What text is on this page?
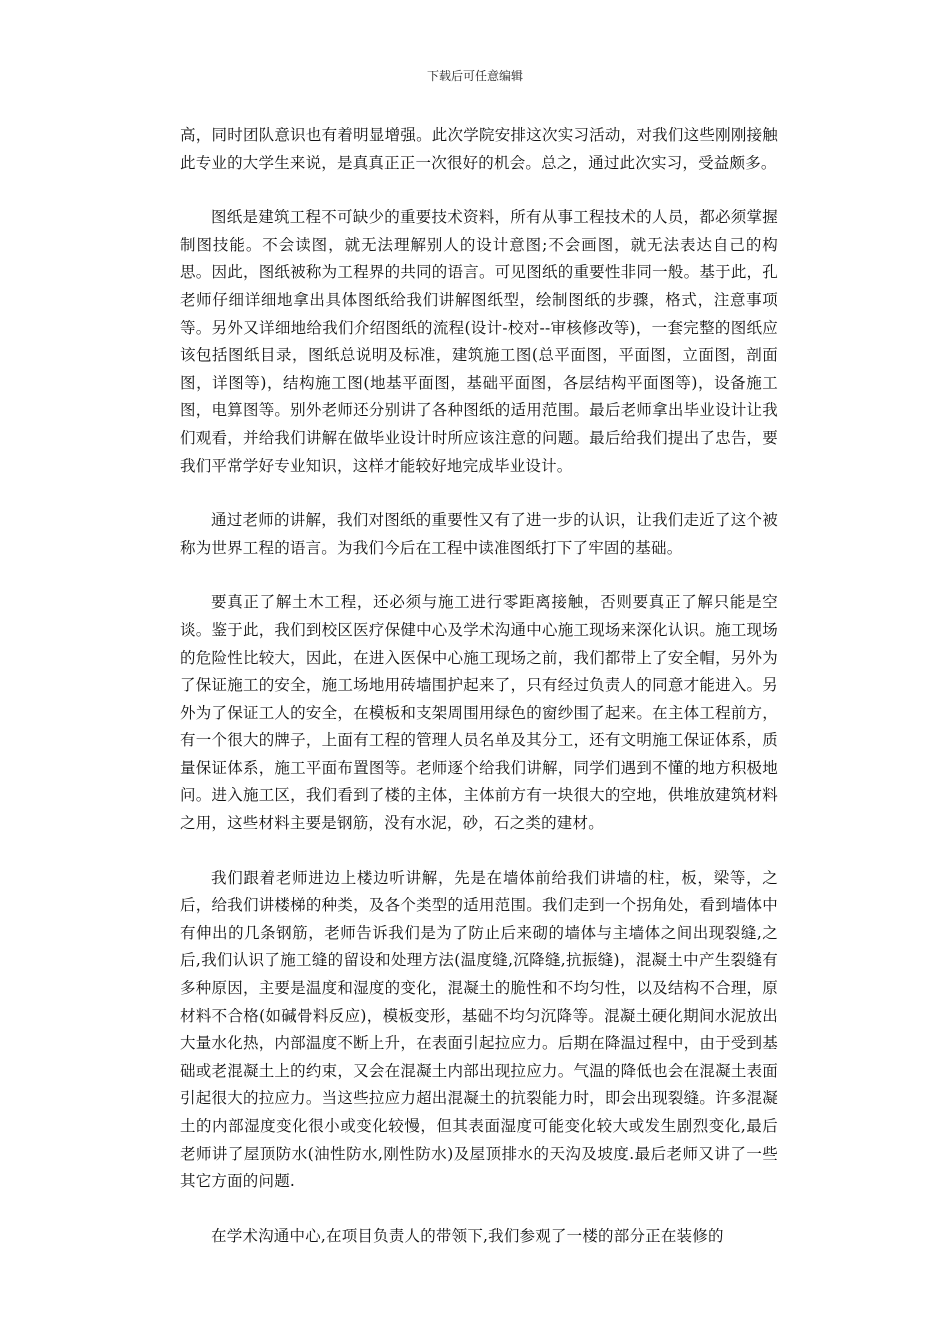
下载后可任意编辑

高，同时团队意识也有着明显增强。此次学院安排这次实习活动，对我们这些刚刚接触此专业的大学生来说，是真真正正一次很好的机会。总之，通过此次实习，受益颇多。

图纸是建筑工程不可缺少的重要技术资料，所有从事工程技术的人员，都必须掌握制图技能。不会读图，就无法理解别人的设计意图;不会画图，就无法表达自己的构思。因此，图纸被称为工程界的共同的语言。可见图纸的重要性非同一般。基于此，孔老师仔细详细地拿出具体图纸给我们讲解图纸型，绘制图纸的步骤，格式，注意事项等。另外又详细地给我们介绍图纸的流程(设计-校对--审核修改等)，一套完整的图纸应该包括图纸目录，图纸总说明及标准，建筑施工图(总平面图，平面图，立面图，剖面图，详图等)，结构施工图(地基平面图，基础平面图，各层结构平面图等)，设备施工图，电算图等。别外老师还分别讲了各种图纸的适用范围。最后老师拿出毕业设计让我们观看，并给我们讲解在做毕业设计时所应该注意的问题。最后给我们提出了忠告，要我们平常学好专业知识，这样才能较好地完成毕业设计。

通过老师的讲解，我们对图纸的重要性又有了进一步的认识，让我们走近了这个被称为世界工程的语言。为我们今后在工程中读准图纸打下了牢固的基础。

要真正了解土木工程，还必须与施工进行零距离接触，否则要真正了解只能是空谈。鉴于此，我们到校区医疗保健中心及学术沟通中心施工现场来深化认识。施工现场的危险性比较大，因此，在进入医保中心施工现场之前，我们都带上了安全帽，另外为了保证施工的安全，施工场地用砖墙围护起来了，只有经过负责人的同意才能进入。另外为了保证工人的安全，在模板和支架周围用绿色的窗纱围了起来。在主体工程前方，有一个很大的牌子，上面有工程的管理人员名单及其分工，还有文明施工保证体系，质量保证体系，施工平面布置图等。老师逐个给我们讲解，同学们遇到不懂的地方积极地问。进入施工区，我们看到了楼的主体，主体前方有一块很大的空地，供堆放建筑材料之用，这些材料主要是钢筋，没有水泥，砂，石之类的建材。

我们跟着老师进边上楼边听讲解，先是在墙体前给我们讲墙的柱，板，梁等，之后，给我们讲楼梯的种类，及各个类型的适用范围。我们走到一个拐角处，看到墙体中有伸出的几条钢筋，老师告诉我们是为了防止后来砌的墙体与主墙体之间出现裂缝,之后,我们认识了施工缝的留设和处理方法(温度缝,沉降缝,抗振缝)，混凝土中产生裂缝有多种原因，主要是温度和湿度的变化，混凝土的脆性和不均匀性，以及结构不合理，原材料不合格(如碱骨料反应)，模板变形，基础不均匀沉降等。混凝土硬化期间水泥放出大量水化热，内部温度不断上升，在表面引起拉应力。后期在降温过程中，由于受到基础或老混凝土上的约束，又会在混凝土内部出现拉应力。气温的降低也会在混凝土表面引起很大的拉应力。当这些拉应力超出混凝土的抗裂能力时，即会出现裂缝。许多混凝土的内部湿度变化很小或变化较慢，但其表面湿度可能变化较大或发生剧烈变化,最后老师讲了屋顶防水(油性防水,刚性防水)及屋顶排水的天沟及坡度.最后老师又讲了一些其它方面的问题.

在学术沟通中心,在项目负责人的带领下,我们参观了一楼的部分正在装修的
